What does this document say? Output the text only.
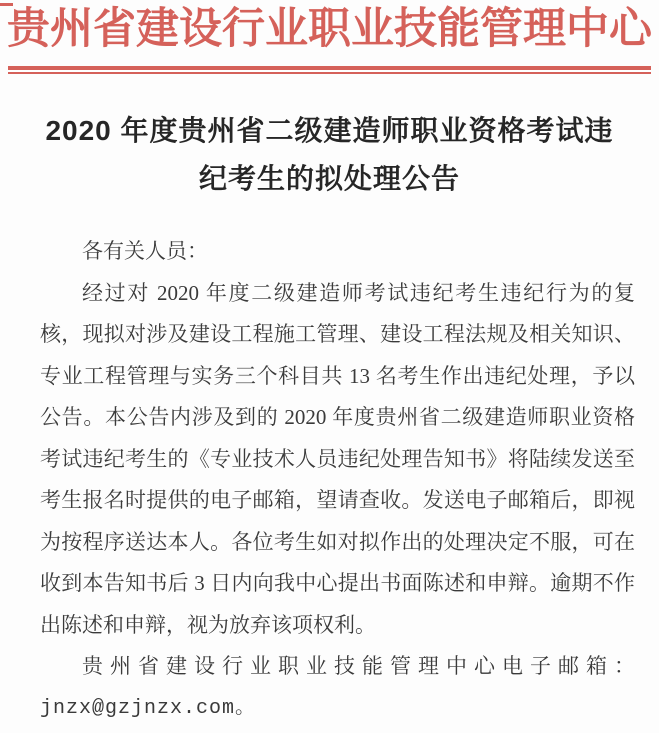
贵州省建设行业职业技能管理中心
2020 年度贵州省二级建造师职业资格考试违
纪考生的拟处理公告
各有关人员：
经过对 2020 年度二级建造师考试违纪考生违纪行为的复
核，现拟对涉及建设工程施工管理、建设工程法规及相关知识、
专业工程管理与实务三个科目共 13 名考生作出违纪处理，予以
公告。本公告内涉及到的 2020 年度贵州省二级建造师职业资格
考试违纪考生的《专业技术人员违纪处理告知书》将陆续发送至
考生报名时提供的电子邮箱，望请查收。发送电子邮箱后，即视
为按程序送达本人。各位考生如对拟作出的处理决定不服，可在
收到本告知书后 3 日内向我中心提出书面陈述和申辩。逾期不作
出陈述和申辩，视为放弃该项权利。
贵州省建设行业职业技能管理中心电子邮箱：
jnzx@gzjnzx.com。
